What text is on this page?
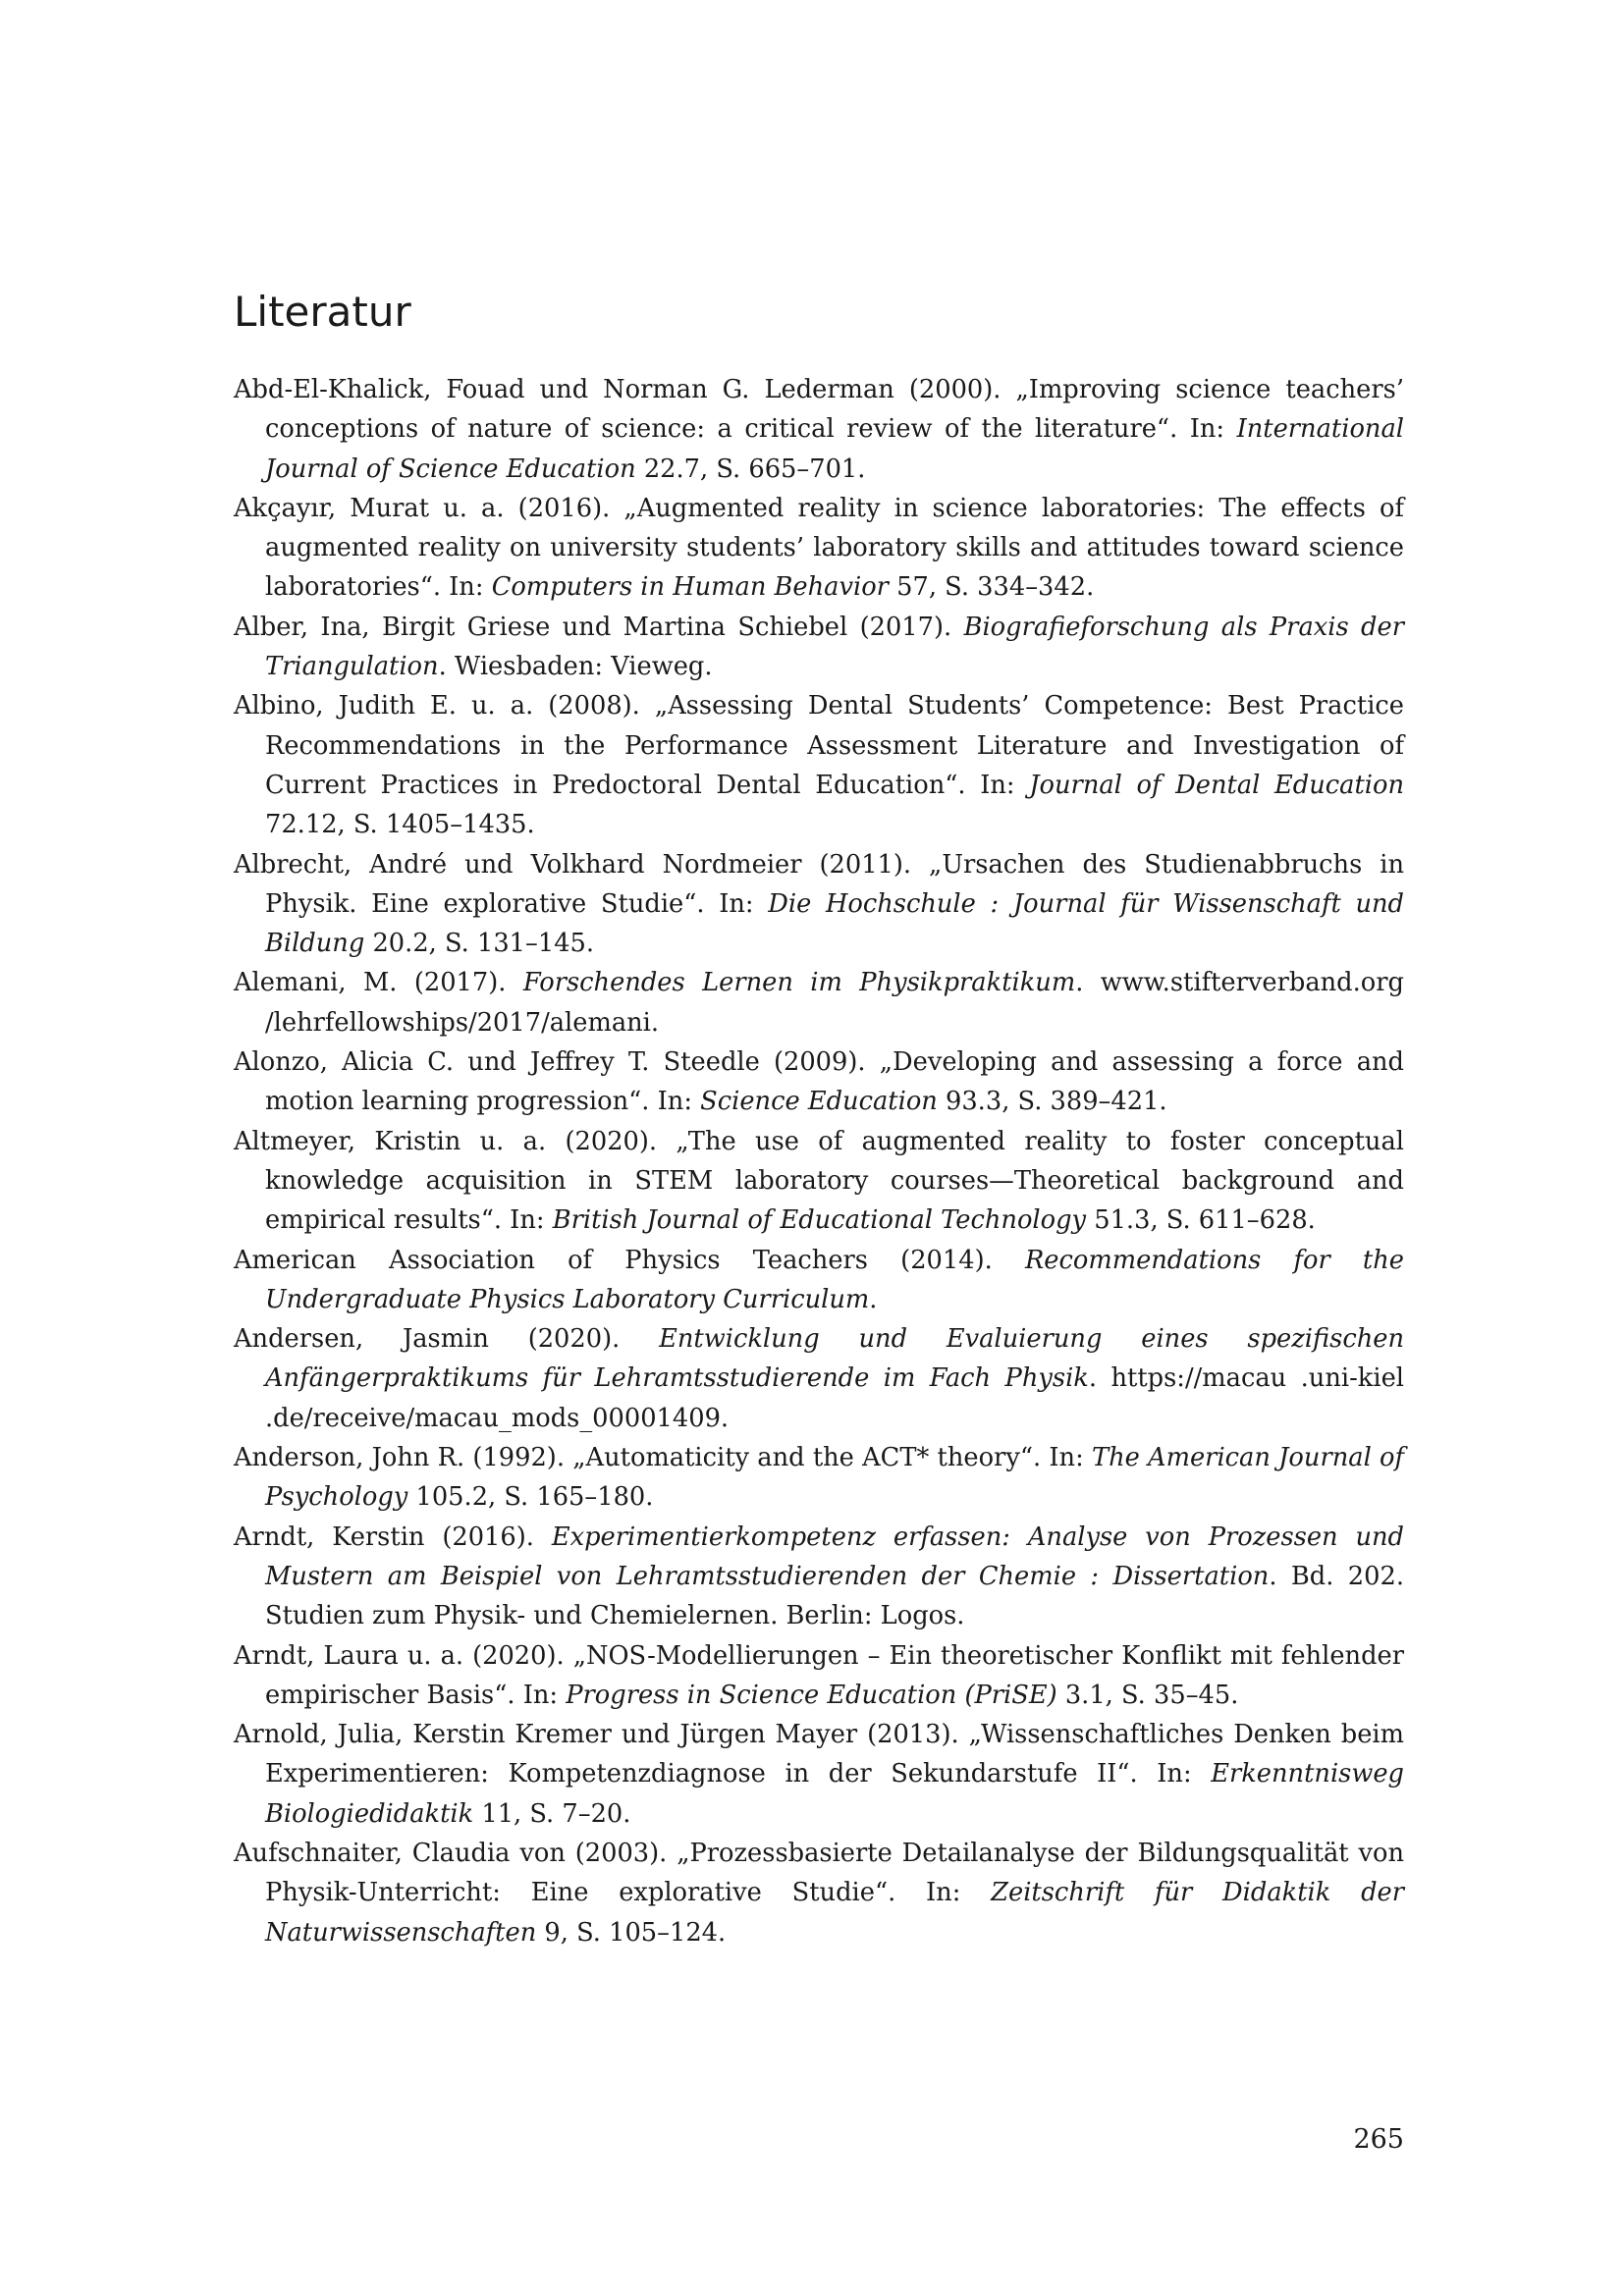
Literatur
Abd-El-Khalick, Fouad und Norman G. Lederman (2000). „Improving science teachers’ conceptions of nature of science: a critical review of the literature“. In: International Journal of Science Education 22.7, S. 665–701.
Akçayır, Murat u. a. (2016). „Augmented reality in science laboratories: The effects of augmented reality on university students’ laboratory skills and attitudes toward science laboratories“. In: Computers in Human Behavior 57, S. 334–342.
Alber, Ina, Birgit Griese und Martina Schiebel (2017). Biografieforschung als Praxis der Triangulation. Wiesbaden: Vieweg.
Albino, Judith E. u. a. (2008). „Assessing Dental Students’ Competence: Best Practice Recommendations in the Performance Assessment Literature and Investigation of Current Practices in Predoctoral Dental Education“. In: Journal of Dental Education 72.12, S. 1405–1435.
Albrecht, André und Volkhard Nordmeier (2011). „Ursachen des Studienabbruchs in Physik. Eine explorative Studie“. In: Die Hochschule : Journal für Wissenschaft und Bildung 20.2, S. 131–145.
Alemani, M. (2017). Forschendes Lernen im Physikpraktikum. www.stifterverband.org /lehrfellowships/2017/alemani.
Alonzo, Alicia C. und Jeffrey T. Steedle (2009). „Developing and assessing a force and motion learning progression“. In: Science Education 93.3, S. 389–421.
Altmeyer, Kristin u. a. (2020). „The use of augmented reality to foster conceptual knowledge acquisition in STEM laboratory courses—Theoretical background and empirical results“. In: British Journal of Educational Technology 51.3, S. 611–628.
American Association of Physics Teachers (2014). Recommendations for the Undergraduate Physics Laboratory Curriculum.
Andersen, Jasmin (2020). Entwicklung und Evaluierung eines spezifischen Anfängerpraktikums für Lehramtsstudierende im Fach Physik. https://macau .uni-kiel .de/receive/macau_mods_00001409.
Anderson, John R. (1992). „Automaticity and the ACT* theory“. In: The American Journal of Psychology 105.2, S. 165–180.
Arndt, Kerstin (2016). Experimentierkompetenz erfassen: Analyse von Prozessen und Mustern am Beispiel von Lehramtsstudierenden der Chemie : Dissertation. Bd. 202. Studien zum Physik- und Chemielernen. Berlin: Logos.
Arndt, Laura u. a. (2020). „NOS-Modellierungen – Ein theoretischer Konflikt mit fehlender empirischer Basis“. In: Progress in Science Education (PriSE) 3.1, S. 35–45.
Arnold, Julia, Kerstin Kremer und Jürgen Mayer (2013). „Wissenschaftliches Denken beim Experimentieren: Kompetenzdiagnose in der Sekundarstufe II“. In: Erkenntnisweg Biologiedidaktik 11, S. 7–20.
Aufschnaiter, Claudia von (2003). „Prozessbasierte Detailanalyse der Bildungsqualität von Physik-Unterricht: Eine explorative Studie“. In: Zeitschrift für Didaktik der Naturwissenschaften 9, S. 105–124.
265
